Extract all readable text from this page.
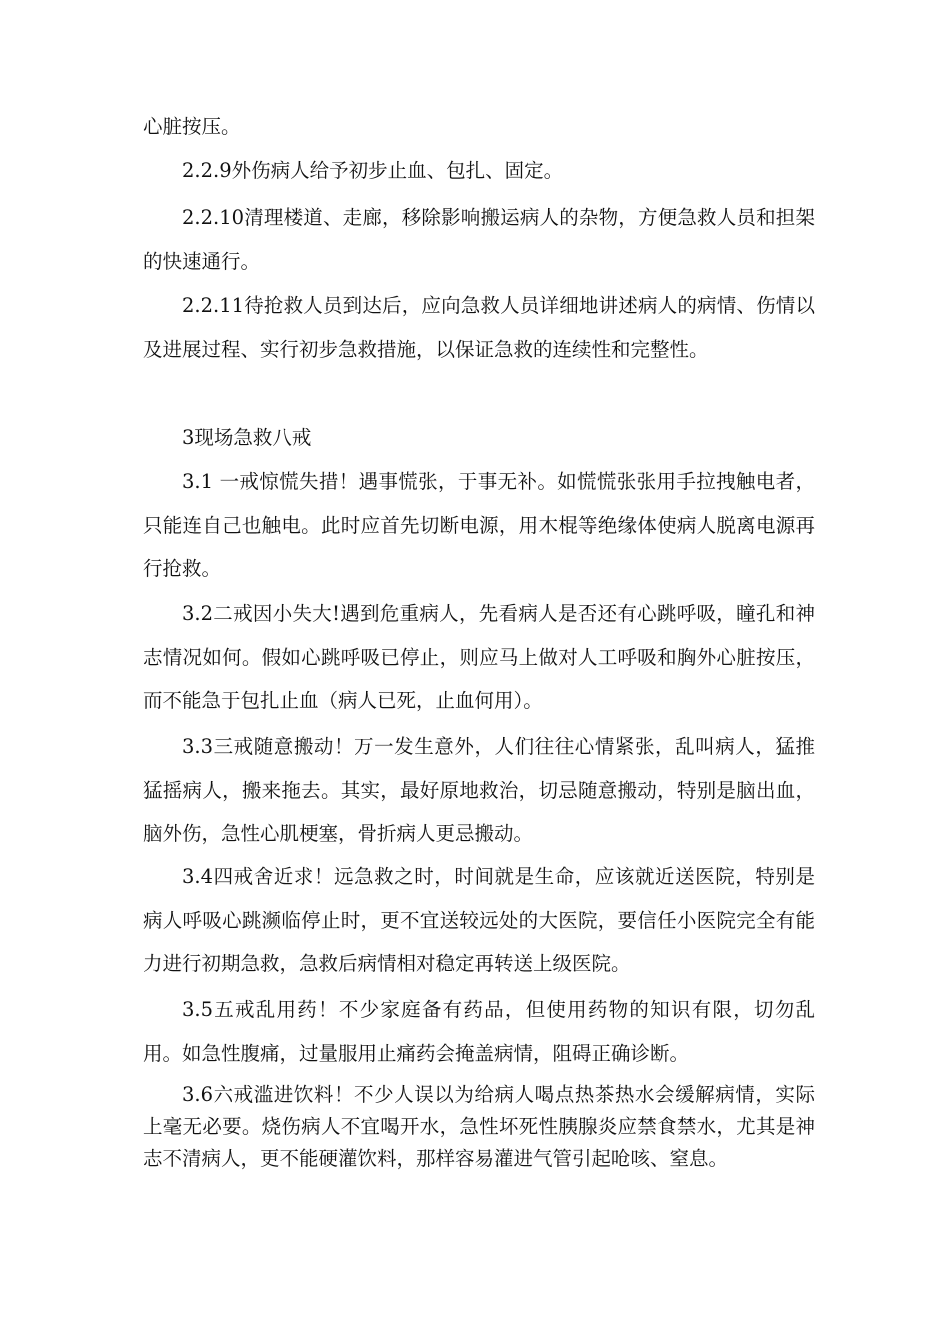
心脏按压。

2.2.9外伤病人给予初步止血、包扎、固定。

2.2.10清理楼道、走廊，移除影响搬运病人的杂物，方便急救人员和担架的快速通行。

2.2.11待抢救人员到达后，应向急救人员详细地讲述病人的病情、伤情以及进展过程、实行初步急救措施，以保证急救的连续性和完整性。

3现场急救八戒

3.1 一戒惊慌失措！遇事慌张，于事无补。如慌慌张张用手拉拽触电者，只能连自己也触电。此时应首先切断电源，用木棍等绝缘体使病人脱离电源再行抢救。

3.2二戒因小失大!遇到危重病人，先看病人是否还有心跳呼吸，瞳孔和神志情况如何。假如心跳呼吸已停止，则应马上做对人工呼吸和胸外心脏按压，而不能急于包扎止血（病人已死，止血何用）。

3.3三戒随意搬动！万一发生意外，人们往往心情紧张，乱叫病人，猛推猛摇病人，搬来拖去。其实，最好原地救治，切忌随意搬动，特别是脑出血，脑外伤，急性心肌梗塞，骨折病人更忌搬动。

3.4四戒舍近求！远急救之时，时间就是生命，应该就近送医院，特别是病人呼吸心跳濒临停止时，更不宜送较远处的大医院，要信任小医院完全有能力进行初期急救，急救后病情相对稳定再转送上级医院。

3.5五戒乱用药！不少家庭备有药品，但使用药物的知识有限，切勿乱用。如急性腹痛，过量服用止痛药会掩盖病情，阻碍正确诊断。

3.6六戒滥进饮料！不少人误以为给病人喝点热茶热水会缓解病情，实际上毫无必要。烧伤病人不宜喝开水，急性坏死性胰腺炎应禁食禁水，尤其是神志不清病人，更不能硬灌饮料，那样容易灌进气管引起呛咳、窒息。
